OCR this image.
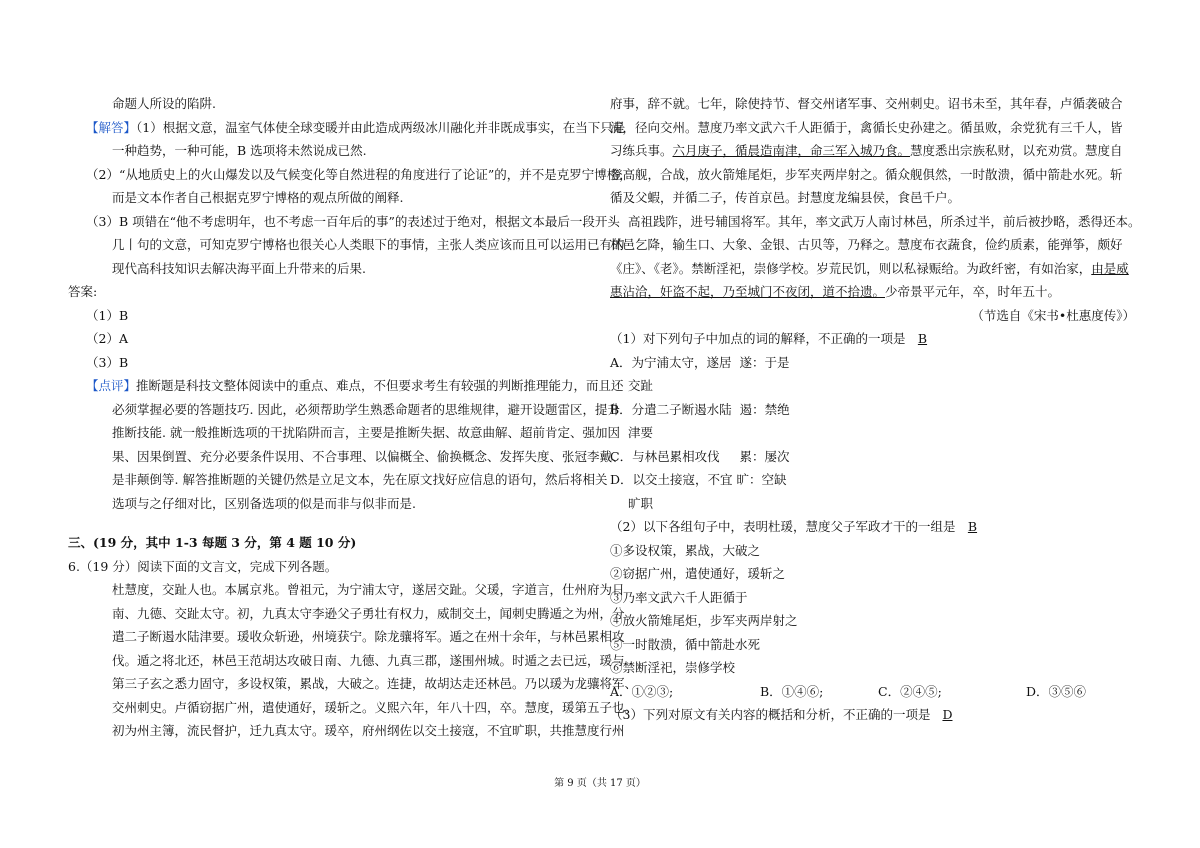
命题人所设的陷阱.
【解答】（1）根据文意，温室气体使全球变暖并由此造成两级冰川融化并非既成事实，在当下只是
一种趋势，一种可能，B 选项将未然说成已然.
（2）“从地质史上的火山爆发以及气候变化等自然进程的角度进行了论证”的，并不是克罗宁博格，
而是文本作者自己根据克罗宁博格的观点所做的阐释.
（3）B 项错在“他不考虑明年，也不考虑一百年后的事”的表述过于绝对，根据文本最后一段开头
几丨句的文意，可知克罗宁博格也很关心人类眼下的事情，主张人类应该而且可以运用已有的
现代高科技知识去解决海平面上升带来的后果.
答案:
（1）B
（2）A
（3）B
【点评】推断题是科技文整体阅读中的重点、难点，不但要求考生有较强的判断推理能力，而且还
必须掌握必要的答题技巧. 因此，必须帮助学生熟悉命题者的思维规律，避开设题雷区，提升
推断技能. 就一般推断选项的干扰陷阱而言，主要是推断失据、故意曲解、超前肯定、强加因
果、因果倒置、充分必要条件误用、不合事理、以偏概全、偷换概念、发挥失度、张冠李戴、
是非颠倒等. 解答推断题的关键仍然是立足文本，先在原文找好应信息的语句，然后将相关
选项与之仔细对比，区别备选项的似是而非与似非而是.
三、(19 分，其中 1-3 每题 3 分，第 4 题 10 分)
6.（19 分）阅读下面的文言文，完成下列各题。
杜慧度，交趾人也。本属京兆。曾祖元，为宁浦太守，遂居交趾。父瑗，字道言，仕州府为日
南、九德、交趾太守。初，九真太守李逊父子勇壮有权力，威制交土，闻刺史腾遁之为州，分
遣二子断遏水陆津要。瑗收众斩逊，州境获宁。除龙骧将军。遁之在州十余年，与林邑累相攻
伐。遁之将北还，林邑王范胡达攻破日南、九德、九真三郡，遂围州城。时遁之去已远，瑗与
第三子玄之悉力固守，多设权策，累战，大破之。连捷，故胡达走还林邑。乃以瑗为龙骧将军、
交州刺史。卢循窃据广州，遣使通好，瑗斩之。义熙六年，年八十四，卒。慧度，瑗第五子也。
初为州主簿，流民督护，迁九真太守。瑗卒，府州纲佐以交土接寇，不宜旷职，共推慧度行州
府事，辞不就。七年，除使持节、督交州诸军事、交州刺史。诏书未至，其年春，卢循袭破合
浦，径向交州。慧度乃率文武六千人距循于，禽循长史孙建之。循虽败，余党犹有三千人，皆
习练兵事。六月庚子，循晨造南津，命三军入城乃食。慧度悉出宗族私财，以充劝赏。慧度自
登高舰，合战，放火箭雉尾炬，步军夹两岸射之。循众舰俱然，一时散溃，循中箭赴水死。斩
循及父蝦，并循二子，传首京邑。封慧度龙编县侯，食邑千户。
高祖践阼，进号辅国将军。其年，率文武万人南讨林邑，所杀过半，前后被抄略，悉得还本。
林邑乞降，输生口、大象、金银、古贝等，乃释之。慧度布衣蔬食，俭约质素，能弹筝，颇好
《庄》、《老》。禁断淫祀，崇修学校。岁荒民饥，则以私禄赈给。为政纤密，有如治家，由是威
惠沾洽，奸盗不起，乃至城门不夜闭，道不拾遗。少帝景平元年，卒，时年五十。
（节选自《宋书•杜惠度传》）
（1）对下列句子中加点的词的解释，不正确的一项是 B
A．为宁浦太守，遂居 遂：于是
交趾
B．分遣二子断遏水陆 遏：禁绝
津要
C．与林邑累相攻伐 累：屡次
D．以交土接寇，不宜 旷：空缺
旷职
（2）以下各组句子中，表明杜瑗，慧度父子军政才干的一组是 B
①多设权策，累战，大破之
②窃据广州，遣使通好，瑗斩之
③乃率文武六千人距循于
④放火箭雉尾炬，步军夹两岸射之
⑤一时散溃，循中箭赴水死
⑥禁断淫祀，崇修学校
A．①②③;	B．①④⑥;	C．②④⑤;	D．③⑤⑥
（3）下列对原文有关内容的概括和分析，不正确的一项是 D
第 9 页（共 17 页）
